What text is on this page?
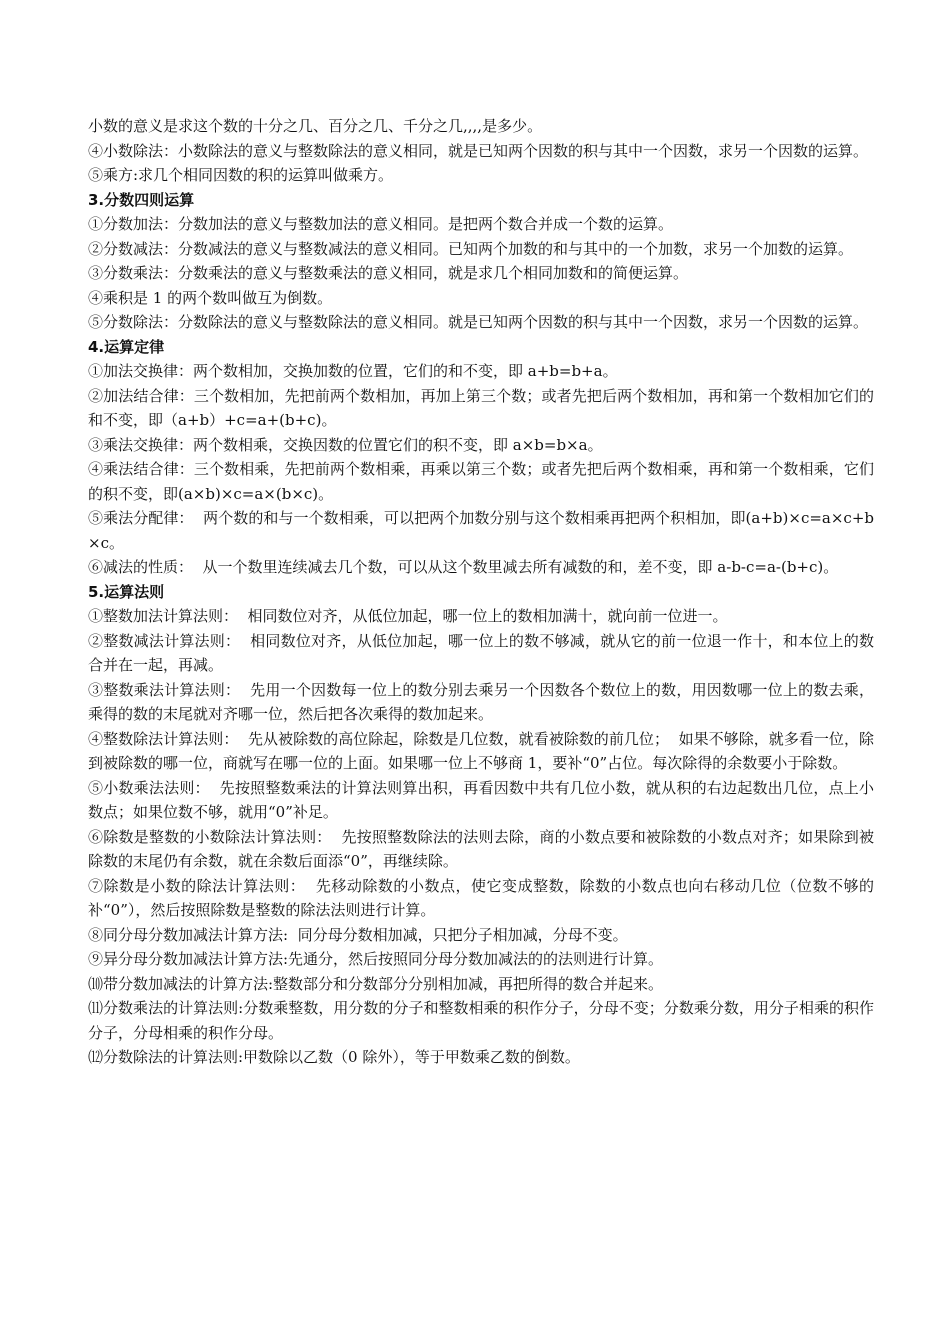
小数的意义是求这个数的十分之几、百分之几、千分之几,,,,是多少。

④小数除法：小数除法的意义与整数除法的意义相同，就是已知两个因数的积与其中一个因数，求另一个因数的运算。

⑤乘方:求几个相同因数的积的运算叫做乘方。

3.分数四则运算

①分数加法：分数加法的意义与整数加法的意义相同。是把两个数合并成一个数的运算。

②分数减法：分数减法的意义与整数减法的意义相同。已知两个加数的和与其中的一个加数，求另一个加数的运算。

③分数乘法：分数乘法的意义与整数乘法的意义相同，就是求几个相同加数和的简便运算。

④乘积是 1 的两个数叫做互为倒数。

⑤分数除法：分数除法的意义与整数除法的意义相同。就是已知两个因数的积与其中一个因数，求另一个因数的运算。

4.运算定律

①加法交换律：两个数相加，交换加数的位置，它们的和不变，即 a+b=b+a。

②加法结合律：三个数相加，先把前两个数相加，再加上第三个数；或者先把后两个数相加，再和第一个数相加它们的和不变，即（a+b）+c=a+(b+c)。

③乘法交换律：两个数相乘，交换因数的位置它们的积不变，即 a×b=b×a。

④乘法结合律：三个数相乘，先把前两个数相乘，再乘以第三个数；或者先把后两个数相乘，再和第一个数相乘，它们的积不变，即(a×b)×c=a×(b×c)。

⑤乘法分配律：  两个数的和与一个数相乘，可以把两个加数分别与这个数相乘再把两个积相加，即(a+b)×c=a×c+b×c。

⑥减法的性质：  从一个数里连续减去几个数，可以从这个数里减去所有减数的和，差不变，即 a-b-c=a-(b+c)。

5.运算法则

①整数加法计算法则：  相同数位对齐，从低位加起，哪一位上的数相加满十，就向前一位进一。

②整数减法计算法则：  相同数位对齐，从低位加起，哪一位上的数不够减，就从它的前一位退一作十，和本位上的数合并在一起，再减。

③整数乘法计算法则：  先用一个因数每一位上的数分别去乘另一个因数各个数位上的数，用因数哪一位上的数去乘，乘得的数的末尾就对齐哪一位，然后把各次乘得的数加起来。

④整数除法计算法则：  先从被除数的高位除起，除数是几位数，就看被除数的前几位；  如果不够除，就多看一位，除到被除数的哪一位，商就写在哪一位的上面。如果哪一位上不够商 1，要补“0”占位。每次除得的余数要小于除数。

⑤小数乘法法则：  先按照整数乘法的计算法则算出积，再看因数中共有几位小数，就从积的右边起数出几位，点上小数点；如果位数不够，就用“0”补足。

⑥除数是整数的小数除法计算法则：  先按照整数除法的法则去除，商的小数点要和被除数的小数点对齐；如果除到被除数的末尾仍有余数，就在余数后面添“0”，再继续除。

⑦除数是小数的除法计算法则：  先移动除数的小数点，使它变成整数，除数的小数点也向右移动几位（位数不够的补“0”），然后按照除数是整数的除法法则进行计算。

⑧同分母分数加减法计算方法:  同分母分数相加减，只把分子相加减，分母不变。

⑨异分母分数加减法计算方法:先通分，然后按照同分母分数加减法的的法则进行计算。

⑽带分数加减法的计算方法:整数部分和分数部分分别相加减，再把所得的数合并起来。

⑾分数乘法的计算法则:分数乘整数，用分数的分子和整数相乘的积作分子，分母不变；分数乘分数，用分子相乘的积作分子，分母相乘的积作分母。

⑿分数除法的计算法则:甲数除以乙数（0 除外），等于甲数乘乙数的倒数。
